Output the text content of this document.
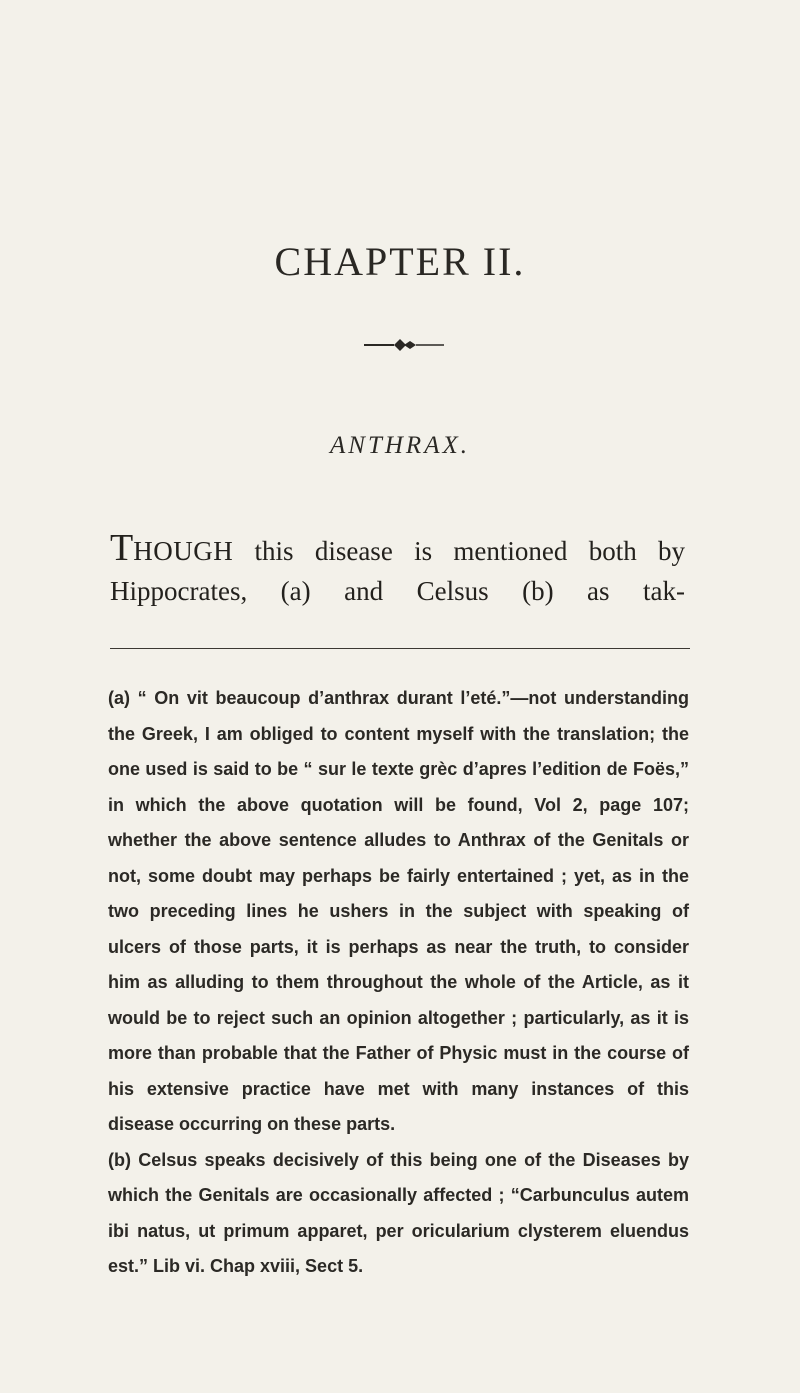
CHAPTER II.
ANTHRAX.

THOUGH this disease is mentioned both by Hippocrates, (a) and Celsus (b) as tak-

(a) “ On vit beaucoup d’anthrax durant l’eté.”—not understanding the Greek, I am obliged to content myself with the translation; the one used is said to be “ sur le texte grèc d’apres l’edition de Foës,” in which the above quotation will be found, Vol 2, page 107; whether the above sentence alludes to Anthrax of the Genitals or not, some doubt may perhaps be fairly entertained ; yet, as in the two preceding lines he ushers in the subject with speaking of ulcers of those parts, it is perhaps as near the truth, to consider him as alluding to them throughout the whole of the Article, as it would be to reject such an opinion altogether ; particularly, as it is more than probable that the Father of Physic must in the course of his extensive practice have met with many instances of this disease occurring on these parts.

(b) Celsus speaks decisively of this being one of the Diseases by which the Genitals are occasionally affected ; “Carbunculus autem ibi natus, ut primum apparet, per oricularium clysterem eluendus est.” Lib vi. Chap xviii, Sect 5.
